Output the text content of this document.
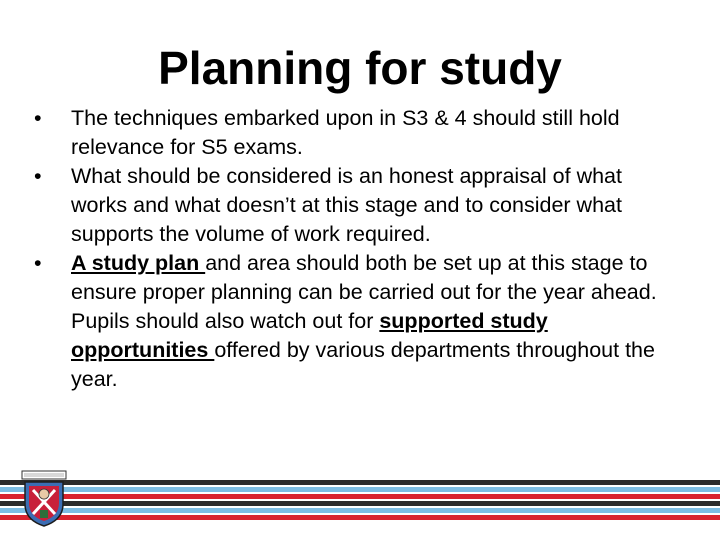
Planning for study
•	The techniques embarked upon in S3 & 4 should still hold relevance for S5 exams.
•	What should be considered is an honest appraisal of what works and what doesn’t at this stage and to consider what supports the volume of work required.
•	A study plan and area should both be set up at this stage to ensure proper planning can be carried out for the year ahead. Pupils should also watch out for supported study opportunities offered by various departments throughout the year.
